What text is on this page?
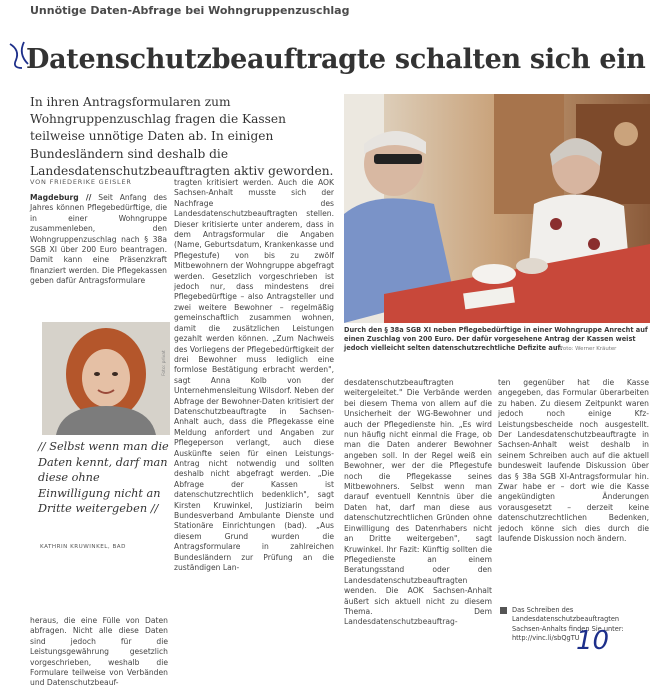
Unnötige Daten-Abfrage bei Wohngruppenzuschlag
Datenschutzbeauftragte schalten sich ein
In ihren Antragsformularen zum Wohngruppenzuschlag fragen die Kassen teilweise unnötige Daten ab. In einigen Bundesländern sind deshalb die Landesdatenschutzbeauftragten aktiv geworden.
VON FRIEDERIKE GEISLER

Magdeburg // Seit Anfang des Jahres können Pflegebedürftige, die in einer Wohngruppe zusammenleben, den Wohngruppenzuschlag nach § 38a SGB XI über 200 Euro beantragen. Damit kann eine Präsenzkraft finanziert werden. Die Pflegekassen geben dafür Antragsformulare

tragten kritisiert werden. Auch die AOK Sachsen-Anhalt musste sich der Nachfrage des Landesdatenschutzbeauftragten stellen. Dieser kritisierte unter anderem, dass in dem Antragsformular die Angaben (Name, Geburtsdatum, Krankenkasse und Pflegestufe) von bis zu zwölf Mitbewohnern der Wohngruppe abgefragt werden. Gesetzlich vorgeschrieben ist jedoch nur, dass mindestens drei Pflegebedürftige – also Antragsteller und zwei weitere Bewohner – regelmäßig gemeinschaftlich zusammen wohnen, damit die zusätzlichen Leistungen gezahlt werden können. „Zum Nachweis des Vorliegens der Pflegebedürftigkeit der drei Bewohner muss lediglich eine formlose Bestätigung erbracht werden", sagt Anna Kolb von der Unternehmensleitung Wilsdorf. Neben der Abfrage der Bewohner-Daten kritisiert der Datenschutzbeauftragte in Sachsen-Anhalt auch, dass die Pflegekasse eine Meldung anfordert und Angaben zur Pflegeperson verlangt, auch diese Auskünfte seien für einen Leistungs-Antrag nicht notwendig und sollten deshalb nicht abgefragt werden. „Die Abfrage der Kassen ist datenschutzrechtlich bedenklich", sagt Kirsten Kruwinkel, Justiziarin beim Bundesverband Ambulante Dienste und Stationäre Einrichtungen (bad). „Aus diesem Grund wurden die Antragsformulare in zahlreichen Bundesländern zur Prüfung an die zuständigen Lan-

Durch den § 38a SGB XI neben Pflegebedürftige in einer Wohngruppe Anrecht auf einen Zuschlag von 200 Euro. Der dafür vorgesehene Antrag der Kassen weist jedoch vielleicht selten datenschutzrechtliche Defizite auf.
Foto: Werner Kräuter
Foto: privat
// Selbst wenn man die Daten kennt, darf man diese ohne Einwilligung nicht an Dritte weitergeben //
KATHRIN KRUWINKEL, BAD

heraus, die eine Fülle von Daten abfragen. Nicht alle diese Daten sind jedoch für die Leistungsgewährung gesetzlich vorgeschrieben, weshalb die Formulare teilweise von Verbänden und Datenschutzbeauf-

desdatenschutzbeauftragten weitergeleitet." Die Verbände werden bei diesem Thema von allem auf die Unsicherheit der WG-Bewohner und auch der Pflegedienste hin. „Es wird nun häufig nicht einmal die Frage, ob man die Daten anderer Bewohner angeben soll. In der Regel weiß ein Bewohner, wer der die Pflegestufe noch die Pflegekasse seines Mitbewohners. Selbst wenn man darauf eventuell Kenntnis über die Daten hat, darf man diese aus datenschutzrechtlichen Gründen ohne Einwilligung des Datenrhabers nicht an Dritte weitergeben", sagt Kruwinkel. Ihr Fazit: Künftig sollten die Pflegedienste an einem Beratungsstand oder den Landesdatenschutzbeauftragten wenden. Die AOK Sachsen-Anhalt äußert sich aktuell nicht zu diesem Thema. Dem Landesdatenschutzbeauftrag-

ten gegenüber hat die Kasse angegeben, das Formular überarbeiten zu haben. Zu diesem Zeitpunkt waren jedoch noch einige Kfz-Leistungsbescheide noch ausgestellt. Der Landesdatenschutzbeauftragte in Sachsen-Anhalt weist deshalb in seinem Schreiben auch auf die aktuell bundesweit laufende Diskussion über das § 38a SGB XI-Antragsformular hin. Zwar habe er – dort wie die Kasse angekündigten Änderungen vorausgesetzt – derzeit keine datenschutzrechtlichen Bedenken, jedoch könne sich dies durch die laufende Diskussion noch ändern.

Das Schreiben des Landesdatenschutzbeauftragten Sachsen-Anhalts finden Sie unter: http://vinc.li/sbQgTU
10
